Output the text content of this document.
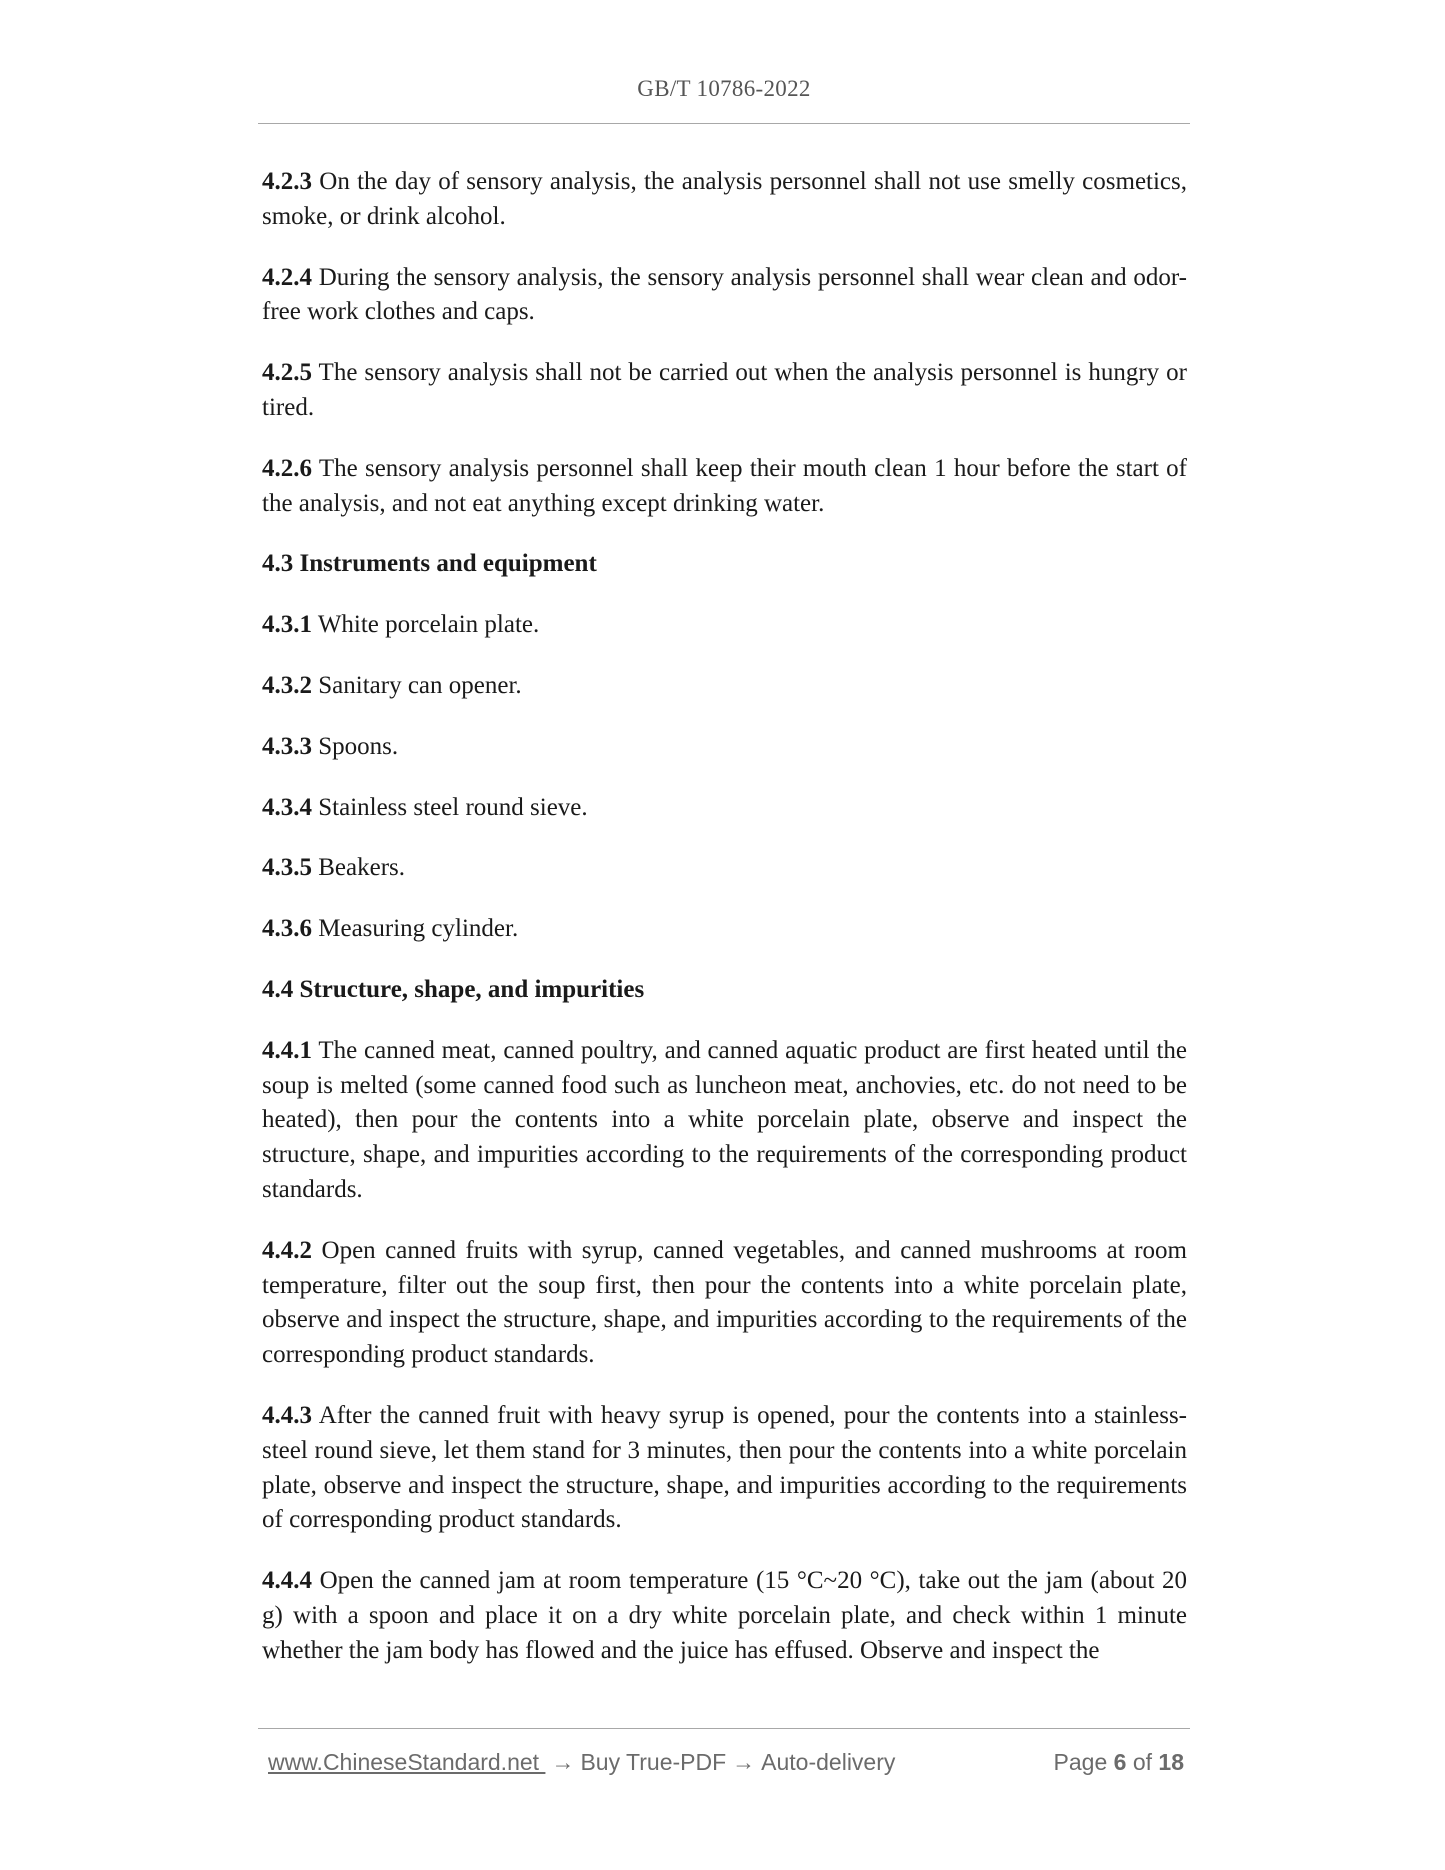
GB/T 10786-2022

4.2.3 On the day of sensory analysis, the analysis personnel shall not use smelly cosmetics, smoke, or drink alcohol.

4.2.4 During the sensory analysis, the sensory analysis personnel shall wear clean and odor-free work clothes and caps.

4.2.5 The sensory analysis shall not be carried out when the analysis personnel is hungry or tired.

4.2.6 The sensory analysis personnel shall keep their mouth clean 1 hour before the start of the analysis, and not eat anything except drinking water.

4.3 Instruments and equipment

4.3.1 White porcelain plate.

4.3.2 Sanitary can opener.

4.3.3 Spoons.

4.3.4 Stainless steel round sieve.

4.3.5 Beakers.

4.3.6 Measuring cylinder.

4.4 Structure, shape, and impurities

4.4.1 The canned meat, canned poultry, and canned aquatic product are first heated until the soup is melted (some canned food such as luncheon meat, anchovies, etc. do not need to be heated), then pour the contents into a white porcelain plate, observe and inspect the structure, shape, and impurities according to the requirements of the corresponding product standards.

4.4.2 Open canned fruits with syrup, canned vegetables, and canned mushrooms at room temperature, filter out the soup first, then pour the contents into a white porcelain plate, observe and inspect the structure, shape, and impurities according to the requirements of the corresponding product standards.

4.4.3 After the canned fruit with heavy syrup is opened, pour the contents into a stainless-steel round sieve, let them stand for 3 minutes, then pour the contents into a white porcelain plate, observe and inspect the structure, shape, and impurities according to the requirements of corresponding product standards.

4.4.4 Open the canned jam at room temperature (15 °C~20 °C), take out the jam (about 20 g) with a spoon and place it on a dry white porcelain plate, and check within 1 minute whether the jam body has flowed and the juice has effused. Observe and inspect the

www.ChineseStandard.net → Buy True-PDF → Auto-delivery	Page 6 of 18
